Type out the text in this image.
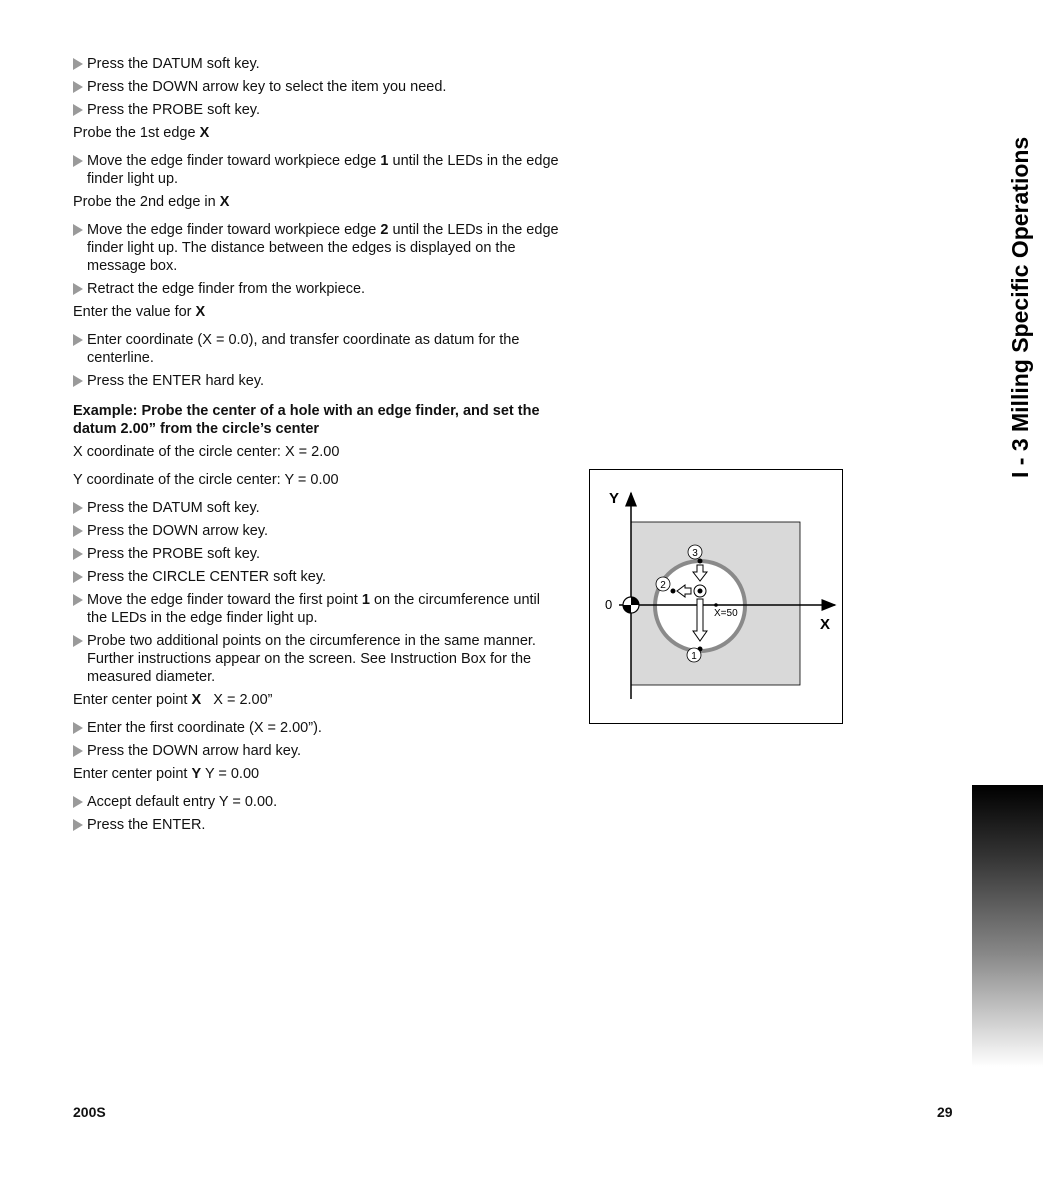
Press the DATUM soft key.
Press the DOWN arrow key to select the item you need.
Press the PROBE soft key.
Probe the 1st edge X
Move the edge finder toward workpiece edge 1 until the LEDs in the edge finder light up.
Probe the 2nd edge in X
Move the edge finder toward workpiece edge 2 until the LEDs in the edge finder light up. The distance between the edges is displayed on the message box.
Retract the edge finder from the workpiece.
Enter the value for X
Enter coordinate (X = 0.0), and transfer coordinate as datum for the centerline.
Press the ENTER hard key.
Example: Probe the center of a hole with an edge finder, and set the datum 2.00” from the circle’s center
X coordinate of the circle center: X = 2.00
Y coordinate of the circle center: Y = 0.00
Press the DATUM soft key.
Press the DOWN arrow key.
Press the PROBE soft key.
Press the CIRCLE CENTER soft key.
Move the edge finder toward the first point 1 on the circumference until the LEDs in the edge finder light up.
Probe two additional points on the circumference in the same manner. Further instructions appear on the screen. See Instruction Box for the measured diameter.
Enter center point X   X = 2.00”
Enter the first coordinate (X = 2.00”).
Press the DOWN arrow hard key.
Enter center point Y Y = 0.00
Accept default entry Y = 0.00.
Press the ENTER.
Y
X
0
X=50
3
2
1
I - 3 Milling Specific Operations
200S	29
